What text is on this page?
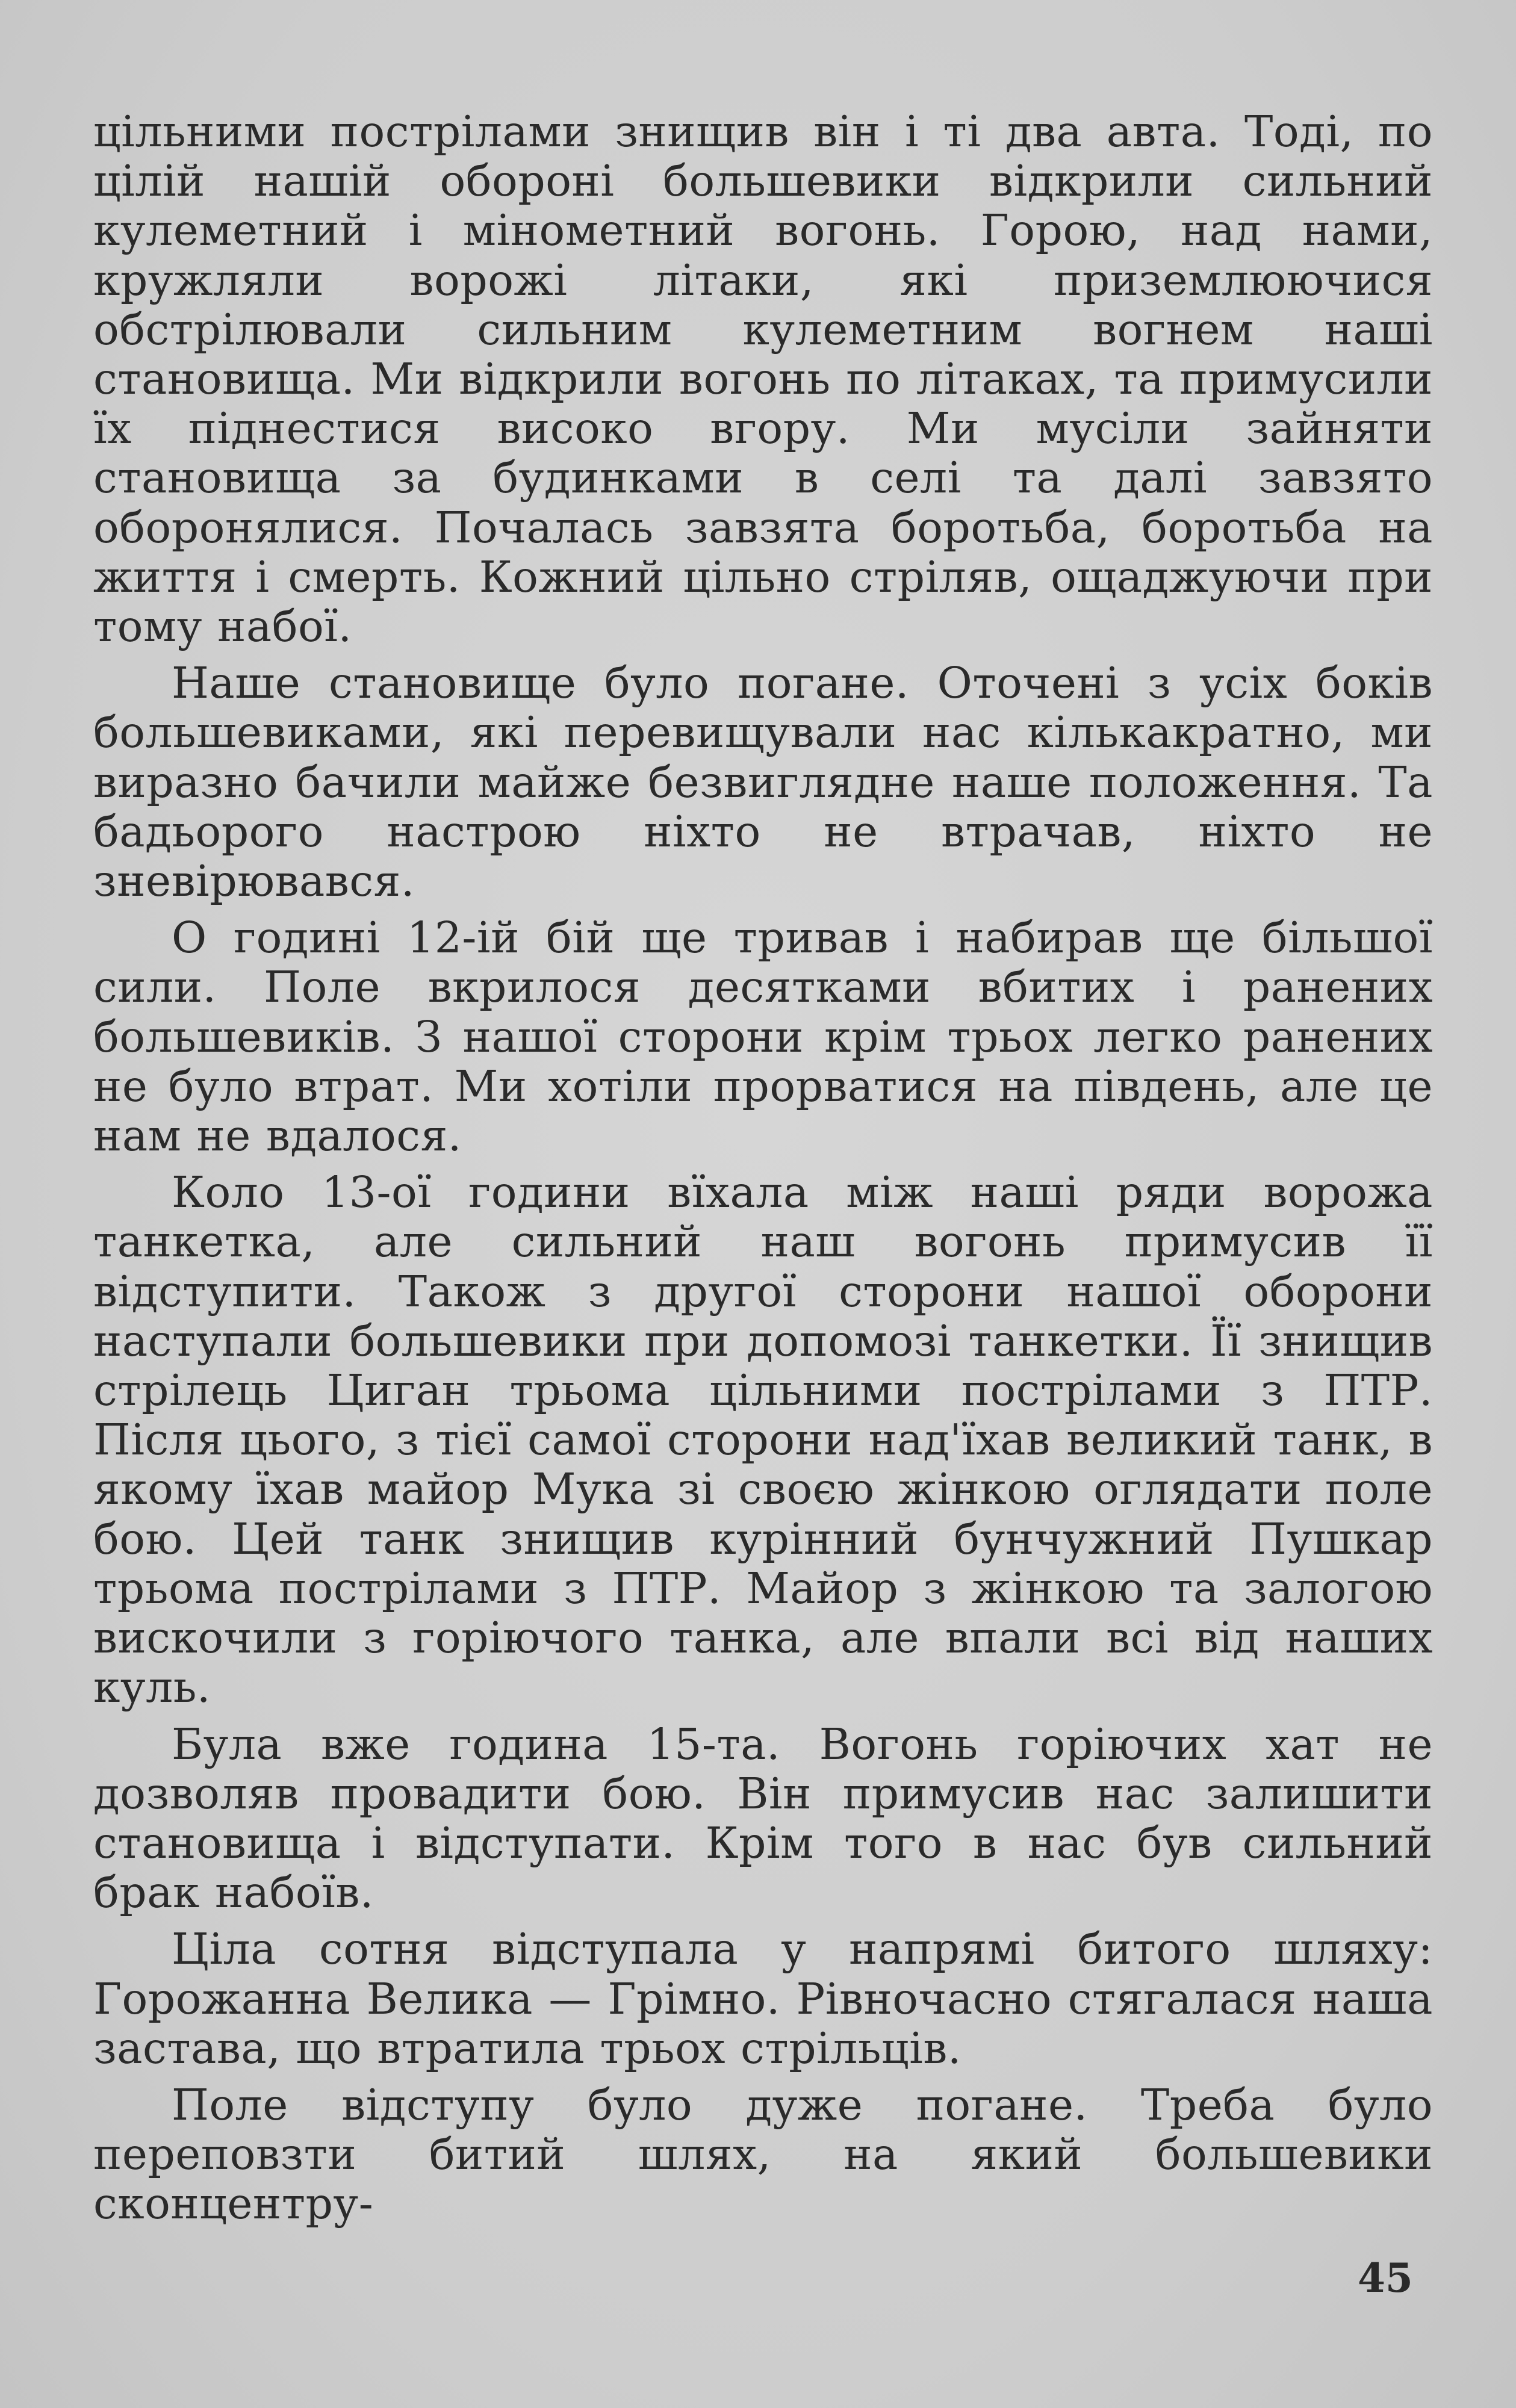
цільними пострілами знищив він і ті два авта. Тоді, по цілій нашій обороні большевики відкрили сильний кулеметний і мінометний вогонь. Горою, над нами, кружляли ворожі літаки, які приземлюючися обстрілювали сильним кулеметним вогнем наші становища. Ми відкрили вогонь по літаках, та примусили їх піднестися високо вгору. Ми мусіли зайняти становища за будинками в селі та далі завзято оборонялися. Почалась завзята боротьба, боротьба на життя і смерть. Кожний цільно стріляв, ощаджуючи при тому набої.

Наше становище було погане. Оточені з усіх боків большевиками, які перевищували нас кількакратно, ми виразно бачили майже безвиглядне наше положення. Та бадьорого настрою ніхто не втрачав, ніхто не зневірювався.

О годині 12-ій бій ще тривав і набирав ще більшої сили. Поле вкрилося десятками вбитих і ранених большевиків. З нашої сторони крім трьох легко ранених не було втрат. Ми хотіли прорватися на південь, але це нам не вдалося.

Коло 13-ої години вїхала між наші ряди ворожа танкетка, але сильний наш вогонь примусив її відступити. Також з другої сторони нашої оборони наступали большевики при допомозі танкетки. Її знищив стрілець Циган трьома цільними пострілами з ПТР. Після цього, з тієї самої сторони над'їхав великий танк, в якому їхав майор Мука зі своєю жінкою оглядати поле бою. Цей танк знищив курінний бунчужний Пушкар трьома пострілами з ПТР. Майор з жінкою та залогою вискочили з горіючого танка, але впали всі від наших куль.

Була вже година 15-та. Вогонь горіючих хат не дозволяв провадити бою. Він примусив нас залишити становища і відступати. Крім того в нас був сильний брак набоїв.

Ціла сотня відступала у напрямі битого шляху: Горожанна Велика — Грімно. Рівночасно стягалася наша застава, що втратила трьох стрільців.

Поле відступу було дуже погане. Треба було переповзти битий шлях, на який большевики сконцентру-

45
